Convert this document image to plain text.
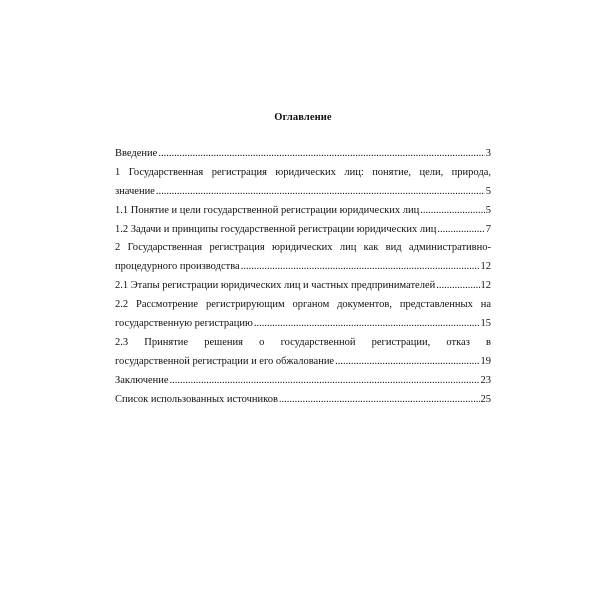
Оглавление
Введение .....	3
1 Государственная регистрация юридических лиц: понятие, цели, природа,
значение .....	5
1.1 Понятие и цели государственной регистрации юридических лиц .....	5
1.2 Задачи и принципы государственной регистрации юридических лиц .....	7
2 Государственная регистрация юридических лиц как вид административно-
процедурного производства .....	12
2.1 Этапы регистрации юридических лиц и частных предпринимателей .....	12
2.2 Рассмотрение регистрирующим органом документов, представленных на
государственную регистрацию .....	15
2.3 Принятие решения о государственной регистрации, отказ в
государственной регистрации и его обжалование .....	19
Заключение .....	23
Список использованных источников .....	25
